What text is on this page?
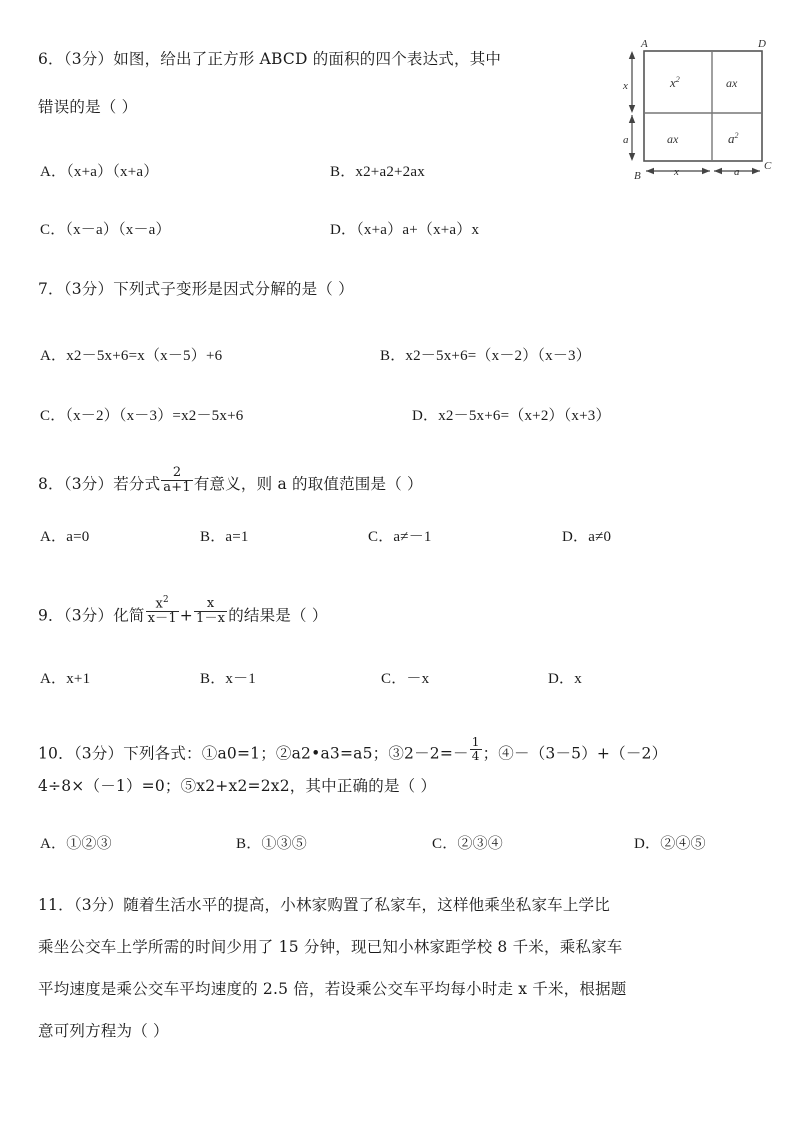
6．（3分）如图，给出了正方形 ABCD 的面积的四个表达式，其中
错误的是（ ）
A	D
B
C
x
a
x	a
$x^2$	ax
ax	$a^2$
A．（x+a）（x+a）	B．x2+a2+2ax
C．（x－a）（x－a）	D．（x+a）a+（x+a）x
7．（3分）下列式子变形是因式分解的是（ ）
A．x2－5x+6=x（x－5）+6	B．x2－5x+6=（x－2）（x－3）
C．（x－2）（x－3）=x2－5x+6	D．x2－5x+6=（x+2）（x+3）
8．（3分）若分式 $\frac{2}{a+1}$ 有意义，则 a 的取值范围是（ ）
A．a=0	B．a=1	C．a≠－1	D．a≠0
9．（3分）化简 $\frac{x^2}{x-1} + \frac{x}{1-x}$ 的结果是（ ）
A．x+1	B．x－1	C．－x	D．x
10．（3分）下列各式：①a0=1；②a2•a3=a5；③2－2=－ $\frac{1}{4}$ ；④－（3－5）+（－2）
4÷8×（－1）=0；⑤x2+x2=2x2，其中正确的是（ ）
A．①②③	B．①③⑤	C．②③④	D．②④⑤
11．（3分）随着生活水平的提高，小林家购置了私家车，这样他乘坐私家车上学比
乘坐公交车上学所需的时间少用了 15 分钟，现已知小林家距学校 8 千米，乘私家车
平均速度是乘公交车平均速度的 2.5 倍，若设乘公交车平均每小时走 x 千米，根据题
意可列方程为（ ）
